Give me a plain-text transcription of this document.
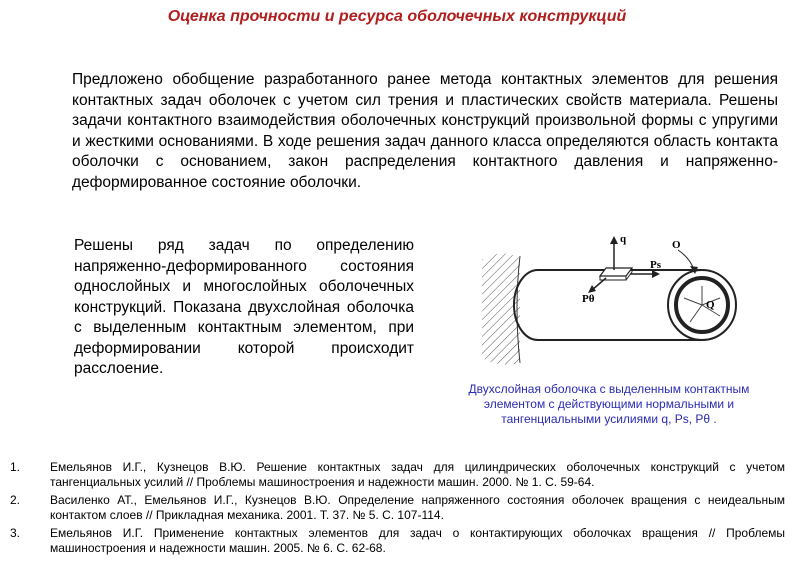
Оценка прочности и ресурса оболочечных конструкций

Предложено обобщение разработанного ранее метода контактных элементов для решения контактных задач оболочек с учетом сил трения и пластических свойств материала. Решены задачи контактного взаимодействия оболочечных конструкций произвольной формы с упругими и жесткими основаниями. В ходе решения задач данного класса определяются область контакта оболочки с основанием, закон распределения контактного давления и напряженно-деформированное состояние оболочки.

Решены ряд задач по определению напряженно-деформированного состояния однослойных и многослойных оболочечных конструкций. Показана двухслойная оболочка с выделенным контактным элементом, при деформировании которой происходит расслоение.

q
Pθ
Ps
O
Q
Двухслойная оболочка с выделенным контактным элементом с действующими нормальными и тангенциальными усилиями q, Ps, Pθ .
1. Емельянов И.Г., Кузнецов В.Ю. Решение контактных задач для цилиндрических оболочечных конструкций с учетом тангенциальных усилий // Проблемы машиностроения и надежности машин. 2000. № 1. С. 59-64.
2. Василенко АТ., Емельянов И.Г., Кузнецов В.Ю. Определение напряженного состояния оболочек вращения с неидеальным контактом слоев // Прикладная механика. 2001. Т. 37. № 5. С. 107-114.
3. Емельянов И.Г. Применение контактных элементов для задач о контактирующих оболочках вращения // Проблемы машиностроения и надежности машин. 2005. № 6. С. 62-68.
